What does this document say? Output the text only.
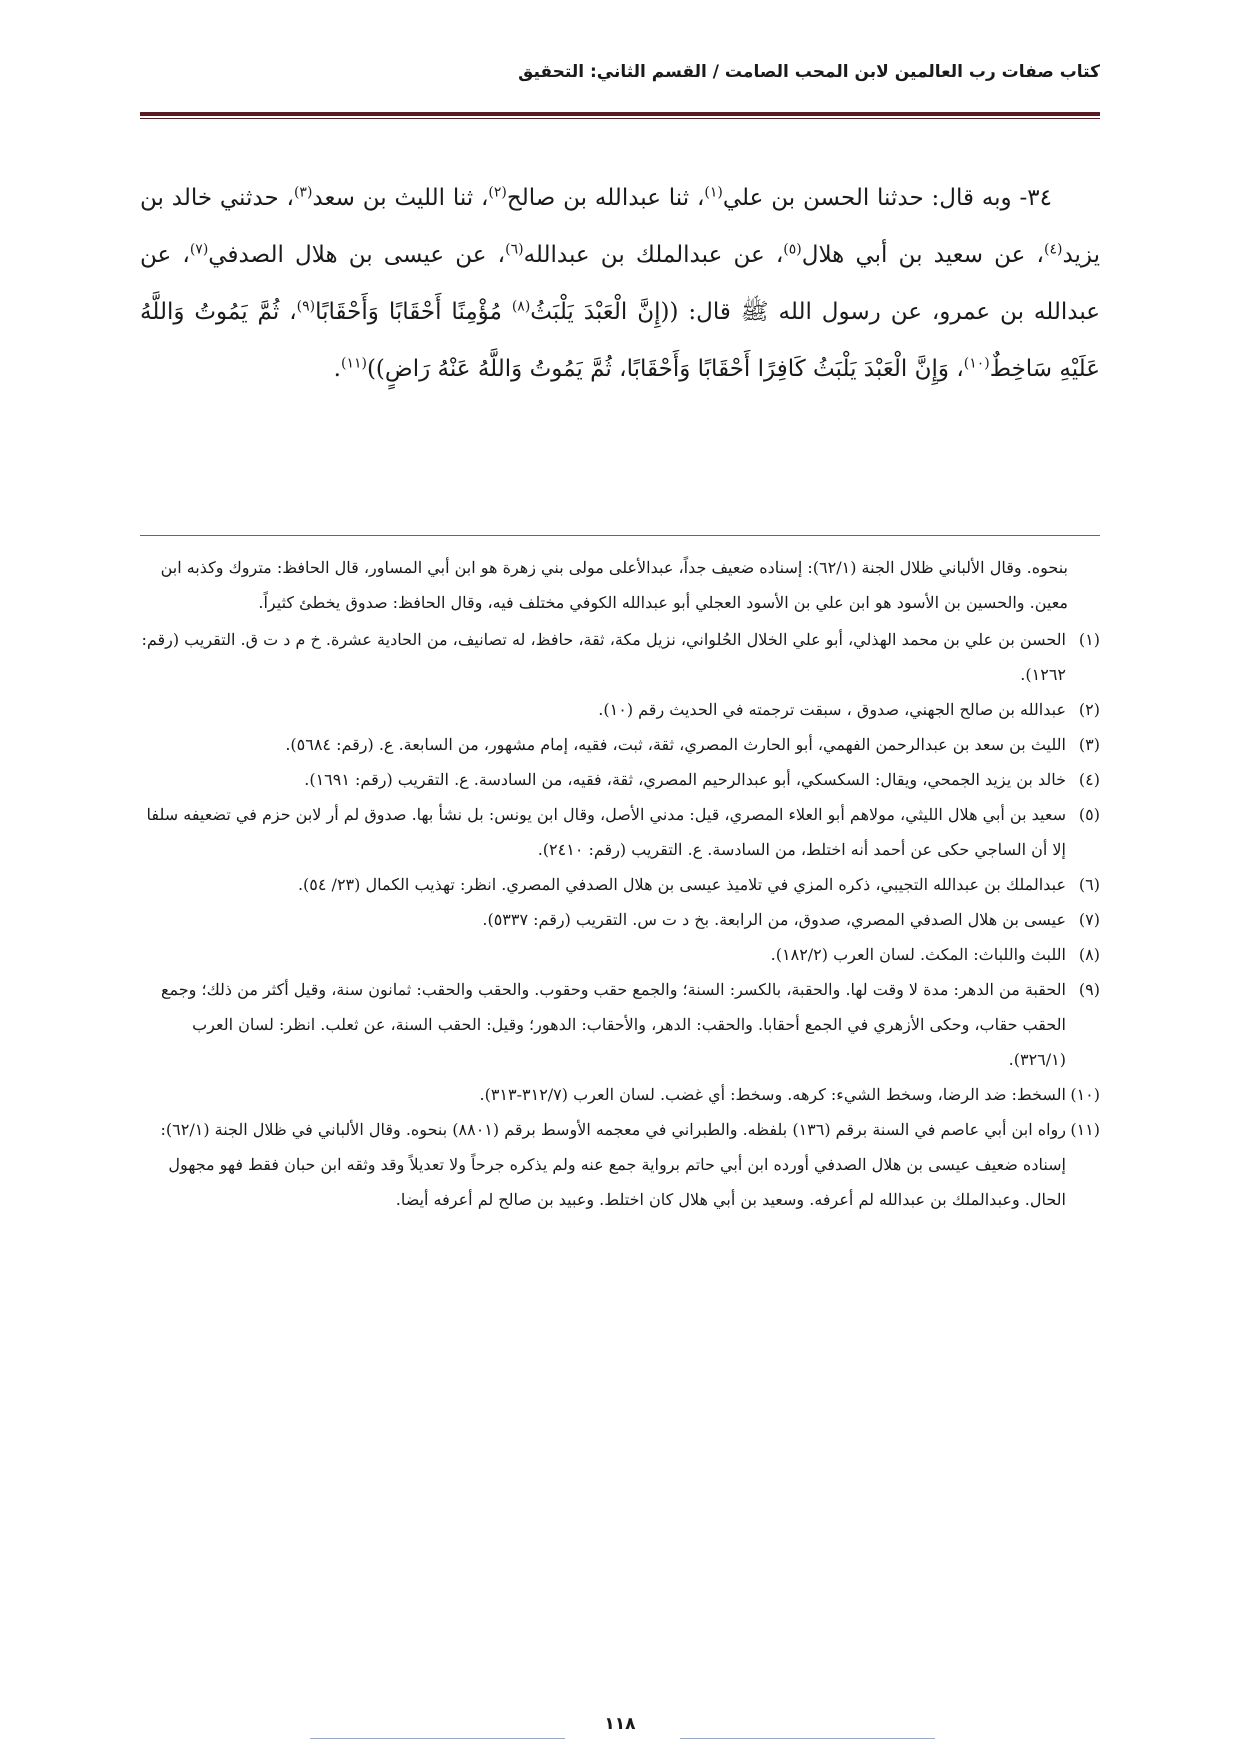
كتاب صفات رب العالمين لابن المحب الصامت / القسم الثاني: التحقيق
٣٤- وبه قال: حدثنا الحسن بن علي$^{(١)}$، ثنا عبدالله بن صالح$^{(٢)}$، ثنا الليث بن سعد$^{(٣)}$، حدثني خالد بن يزيد$^{(٤)}$، عن سعيد بن أبي هلال$^{(٥)}$، عن عبدالملك بن عبدالله$^{(٦)}$، عن عيسى بن هلال الصدفي$^{(٧)}$، عن عبدالله بن عمرو، عن رسول الله ﷺ قال: ((إِنَّ الْعَبْدَ يَلْبَثُ$^{(٨)}$ مُؤْمِنًا أَحْقَابًا وَأَحْقَابًا$^{(٩)}$، ثُمَّ يَمُوتُ وَاللَّهُ عَلَيْهِ سَاخِطٌ$^{(١٠)}$، وَإِنَّ الْعَبْدَ يَلْبَثُ كَافِرًا أَحْقَابًا وَأَحْقَابًا، ثُمَّ يَمُوتُ وَاللَّهُ عَنْهُ رَاضٍ))$^{(١١)}$.

بنحوه. وقال الألباني ظلال الجنة (٦٢/١): إسناده ضعيف جداً، عبدالأعلى مولى بني زهرة هو ابن أبي المساور، قال الحافظ: متروك وكذبه ابن معين. والحسين بن الأسود هو ابن علي بن الأسود العجلي أبو عبدالله الكوفي مختلف فيه، وقال الحافظ: صدوق يخطئ كثيراً.

(١)
الحسن بن علي بن محمد الهذلي، أبو علي الخلال الحُلواني، نزيل مكة، ثقة، حافظ، له تصانيف، من الحادية عشرة. خ م د ت ق. التقريب (رقم: ١٢٦٢).
(٢)
عبدالله بن صالح الجهني، صدوق ، سبقت ترجمته في الحديث رقم (١٠).
(٣)
الليث بن سعد بن عبدالرحمن الفهمي، أبو الحارث المصري، ثقة، ثبت، فقيه، إمام مشهور، من السابعة. ع. (رقم: ٥٦٨٤).
(٤)
خالد بن يزيد الجمحي، ويقال: السكسكي، أبو عبدالرحيم المصري، ثقة، فقيه، من السادسة. ع. التقريب (رقم: ١٦٩١).
(٥)
سعيد بن أبي هلال الليثي، مولاهم أبو العلاء المصري، قيل: مدني الأصل، وقال ابن يونس: بل نشأ بها. صدوق لم أر لابن حزم في تضعيفه سلفا إلا أن الساجي حكى عن أحمد أنه اختلط، من السادسة. ع. التقريب (رقم: ٢٤١٠).
(٦)
عبدالملك بن عبدالله التجيبي، ذكره المزي في تلاميذ عيسى بن هلال الصدفي المصري. انظر: تهذيب الكمال (٢٣/ ٥٤).
(٧)
عيسى بن هلال الصدفي المصري، صدوق، من الرابعة. بخ د ت س. التقريب (رقم: ٥٣٣٧).
(٨)
اللبث واللباث: المكث. لسان العرب (١٨٢/٢).
(٩)
الحقبة من الدهر: مدة لا وقت لها. والحقبة، بالكسر: السنة؛ والجمع حقب وحقوب. والحقب والحقب: ثمانون سنة، وقيل أكثر من ذلك؛ وجمع الحقب حقاب، وحكى الأزهري في الجمع أحقابا. والحقب: الدهر، والأحقاب: الدهور؛ وقيل: الحقب السنة، عن ثعلب. انظر: لسان العرب (٣٢٦/١).
(١٠)
السخط: ضد الرضا، وسخط الشيء: كرهه. وسخط: أي غضب. لسان العرب (٣١٢/٧-٣١٣).
(١١)
رواه ابن أبي عاصم في السنة برقم (١٣٦) بلفظه. والطبراني في معجمه الأوسط برقم (٨٨٠١) بنحوه. وقال الألباني في ظلال الجنة (٦٢/١): إسناده ضعيف عيسى بن هلال الصدفي أورده ابن أبي حاتم برواية جمع عنه ولم يذكره جرحاً ولا تعديلاً وقد وثقه ابن حبان فقط فهو مجهول الحال. وعبدالملك بن عبدالله لم أعرفه. وسعيد بن أبي هلال كان اختلط. وعبيد بن صالح لم أعرفه أيضا.
١١٨
